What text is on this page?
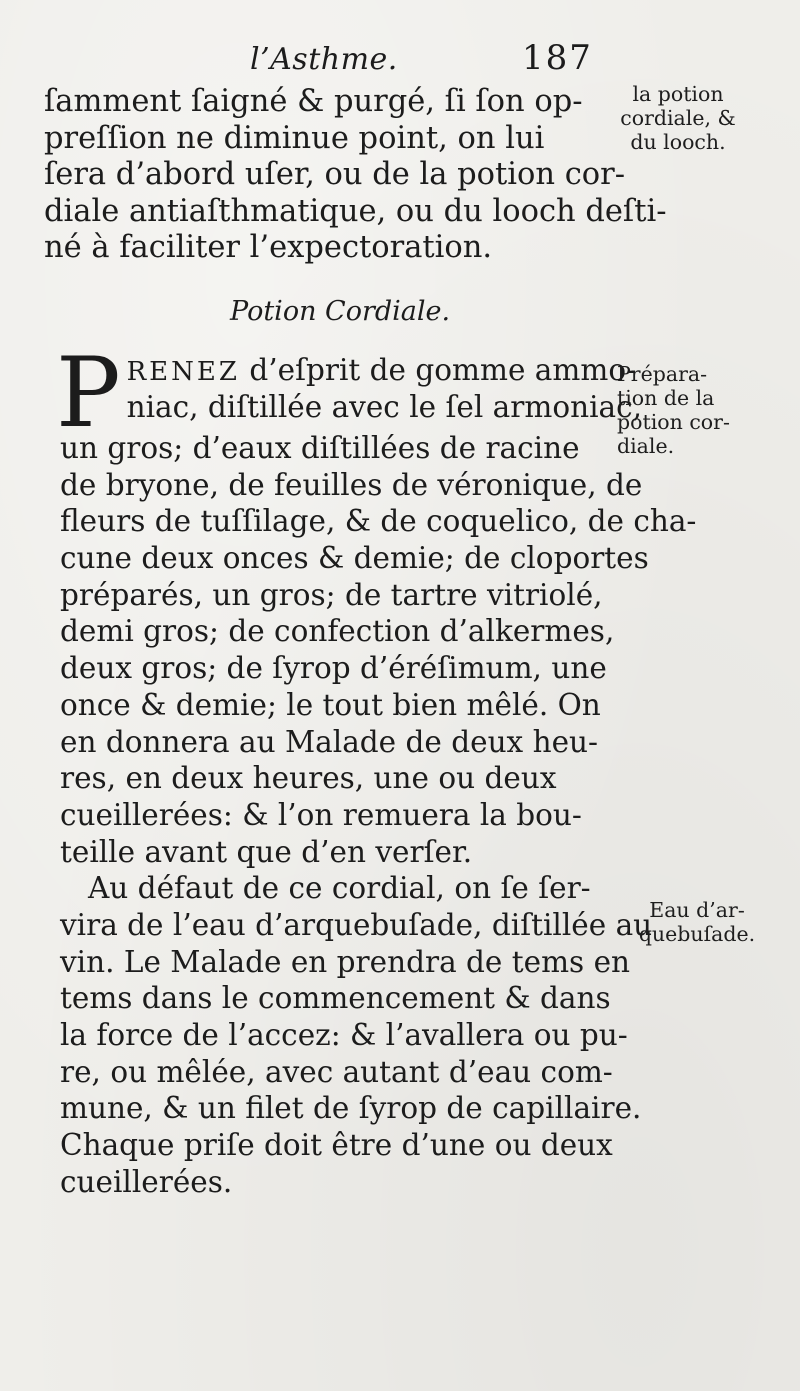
l’Asthme.	187
ſamment ſaigné & purgé, ſi ſon op-
preſſion ne diminue point, on lui
ſera d’abord uſer, ou de la potion cor-
diale antiaſthmatique, ou du looch deſti-
né à faciliter l’expectoration.
Potion Cordiale.
P RENEZ d’eſprit de gomme ammo-
niac, diſtillée avec le ſel armoniac,
un gros; d’eaux diſtillées de racine
de bryone, de feuilles de véronique, de
fleurs de tuſſilage, & de coquelico, de cha-
cune deux onces & demie; de cloportes
préparés, un gros; de tartre vitriolé,
demi gros; de confection d’alkermes,
deux gros; de ſyrop d’éréſimum, une
once & demie; le tout bien mêlé. On
en donnera au Malade de deux heu-
res, en deux heures, une ou deux
cueillerées: & l’on remuera la bou-
teille avant que d’en verſer.
Au défaut de ce cordial, on ſe ſer-
vira de l’eau d’arquebuſade, diſtillée au
vin. Le Malade en prendra de tems en
tems dans le commencement & dans
la force de l’accez: & l’avallera ou pu-
re, ou mêlée, avec autant d’eau com-
mune, & un filet de ſyrop de capillaire.
Chaque priſe doit être d’une ou deux
cueillerées.
la potion
cordiale, &
du looch.
Prépara-
tion de la
potion cor-
diale.
Eau d’ar-
quebuſade.
